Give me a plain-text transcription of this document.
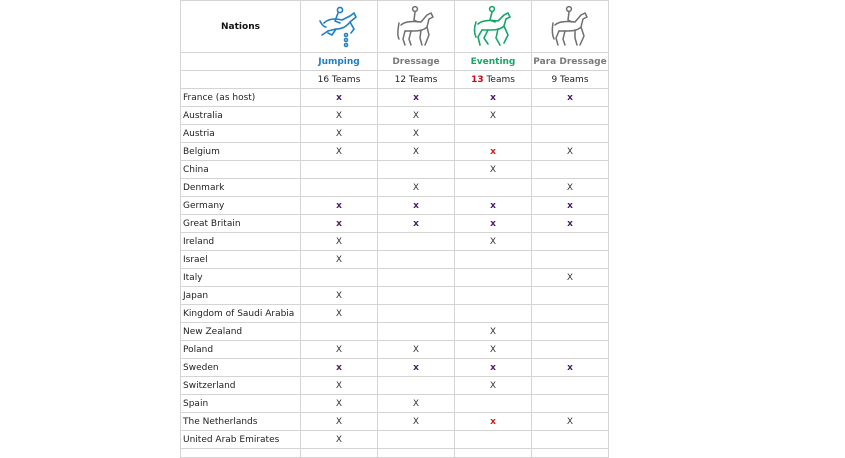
Nations	

	Jumping	Dressage	Eventing	Para Dressage
	16 Teams	12 Teams	13 Teams	9 Teams
France (as host)	x	x	x	x
Australia	X	X	X	
Austria	X	X		
Belgium	X	X	x	X
China			X	
Denmark		X		X
Germany	x	x	x	x
Great Britain	x	x	x	x
Ireland	X		X	
Israel	X			
Italy				X
Japan	X			
Kingdom of Saudi Arabia	X			
New Zealand			X	
Poland	X	X	X	
Sweden	x	x	x	x
Switzerland	X		X	
Spain	X	X		
The Netherlands	X	X	x	X
United Arab Emirates	X			
